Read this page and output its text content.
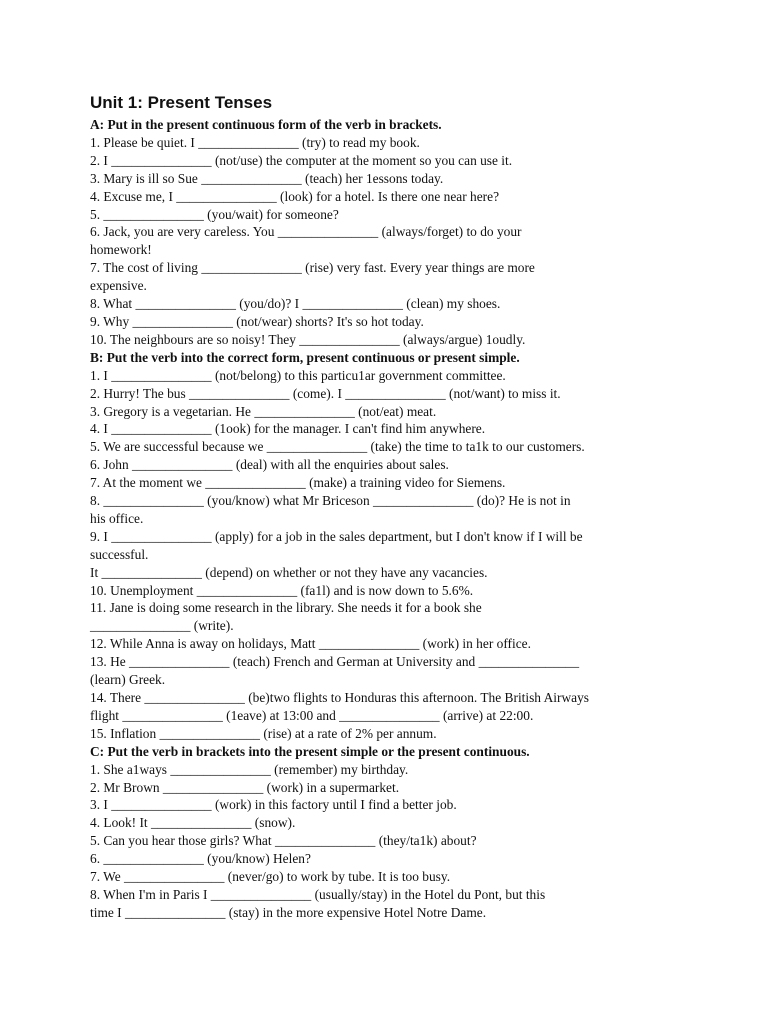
Unit 1: Present Tenses
A: Put in the present continuous form of the verb in brackets.
1. Please be quiet. I _______________ (try) to read my book.
2. I _______________ (not/use) the computer at the moment so you can use it.
3. Mary is ill so Sue _______________ (teach) her 1essons today.
4. Excuse me, I _______________ (look) for a hotel. Is there one near here?
5. _______________ (you/wait) for someone?
6. Jack, you are very careless. You _______________ (always/forget) to do your
homework!
7. The cost of living _______________ (rise) very fast. Every year things are more
expensive.
8. What _______________ (you/do)? I _______________ (clean) my shoes.
9. Why _______________ (not/wear) shorts? It's so hot today.
10. The neighbours are so noisy! They _______________ (always/argue) 1oudly.
B: Put the verb into the correct form, present continuous or present simple.
1. I _______________ (not/belong) to this particu1ar government committee.
2. Hurry! The bus _______________ (come). I _______________ (not/want) to miss it.
3. Gregory is a vegetarian. He _______________ (not/eat) meat.
4. I _______________ (1ook) for the manager. I can't find him anywhere.
5. We are successful because we _______________ (take) the time to ta1k to our customers.
6. John _______________ (deal) with all the enquiries about sales.
7. At the moment we _______________ (make) a training video for Siemens.
8. _______________ (you/know) what Mr Briceson _______________ (do)? He is not in
his office.
9. I _______________ (apply) for a job in the sales department, but I don't know if I will be
successful.
It _______________ (depend) on whether or not they have any vacancies.
10. Unemployment _______________ (fa1l) and is now down to 5.6%.
11. Jane is doing some research in the library. She needs it for a book she
_______________ (write).
12. While Anna is away on holidays, Matt _______________ (work) in her office.
13. He _______________ (teach) French and German at University and _______________
(learn) Greek.
14. There _______________ (be)two flights to Honduras this afternoon. The British Airways
flight _______________ (1eave) at 13:00 and _______________ (arrive) at 22:00.
15. Inflation _______________ (rise) at a rate of 2% per annum.
C: Put the verb in brackets into the present simple or the present continuous.
1. She a1ways _______________ (remember) my birthday.
2. Mr Brown _______________ (work) in a supermarket.
3. I _______________ (work) in this factory until I find a better job.
4. Look! It _______________ (snow).
5. Can you hear those girls? What _______________ (they/ta1k) about?
6. _______________ (you/know) Helen?
7. We _______________ (never/go) to work by tube. It is too busy.
8. When I'm in Paris I _______________ (usually/stay) in the Hotel du Pont, but this
time I _______________ (stay) in the more expensive Hotel Notre Dame.
